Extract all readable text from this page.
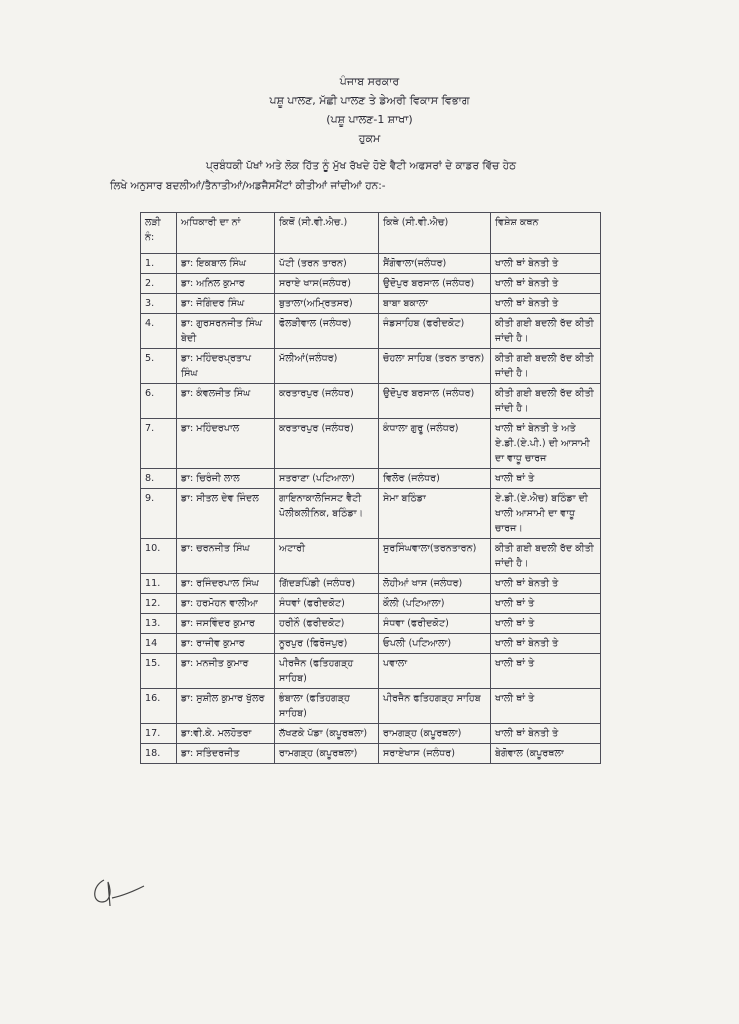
ਪੰਜਾਬ ਸਰਕਾਰ
ਪਸ਼ੂ ਪਾਲਣ, ਮੱਛੀ ਪਾਲਣ ਤੇ ਡੇਅਰੀ ਵਿਕਾਸ ਵਿਭਾਗ
(ਪਸ਼ੂ ਪਾਲਣ-1 ਸ਼ਾਖਾ)
ਹੁਕਮ
ਪ੍ਰਬੰਧਕੀ ਪੱਖਾਂ ਅਤੇ ਲੋਕ ਹਿੱਤ ਨੂੰ ਮੁੱਖ ਰੱਖਦੇ ਹੋਏ ਵੈਟੀ ਅਫਸਰਾਂ ਦੇ ਕਾਡਰ ਵਿੱਚ ਹੇਠ
ਲਿਖੇ ਅਨੁਸਾਰ ਬਦਲੀਆਂ/ਤੈਨਾਤੀਆਂ/ਅਡਜੈਸਮੈਂਟਾਂ ਕੀਤੀਆਂ ਜਾਂਦੀਆਂ ਹਨ:-
ਲੜੀ ਨੰ:	ਅਧਿਕਾਰੀ ਦਾ ਨਾਂ	ਕਿਥੋਂ (ਸੀ.ਵੀ.ਐਚ.)	ਕਿਥੇ (ਸੀ.ਵੀ.ਐਚ)	ਵਿਸ਼ੇਸ਼ ਕਥਨ
1.	ਡਾ: ਇਕਬਾਲ ਸਿੰਘ	ਪੱਟੀ (ਤਰਨ ਤਾਰਨ)	ਸੈਂਗੋਵਾਲਾ(ਜਲੰਧਰ)	ਖਾਲੀ ਥਾਂ ਬੇਨਤੀ ਤੇ
2.	ਡਾ: ਅਨਿਲ ਕੁਮਾਰ	ਸਰਾਏ ਖਾਸ(ਜਲੰਧਰ)	ਉਦੋਪੁਰ ਬਰਸਾਲ (ਜਲੰਧਰ)	ਖਾਲੀ ਥਾਂ ਬੇਨਤੀ ਤੇ
3.	ਡਾ: ਜੋਗਿੰਦਰ ਸਿੰਘ	ਬੁਤਾਲਾ(ਅਮ੍ਰਿਤਸਰ)	ਬਾਬਾ ਬਕਾਲਾ	ਖਾਲੀ ਥਾਂ ਬੇਨਤੀ ਤੇ
4.	ਡਾ: ਗੁਰਸਰਨਜੀਤ ਸਿੰਘ ਬੇਦੀ	ਫੋਲੜੀਵਾਲ (ਜਲੰਧਰ)	ਜੰਡਸਾਹਿਬ (ਫਰੀਦਕੋਟ)	ਕੀਤੀ ਗਈ ਬਦਲੀ ਰੱਦ ਕੀਤੀ ਜਾਂਦੀ ਹੈ।
5.	ਡਾ: ਮਹਿੰਦਰਪ੍ਰਤਾਪ ਸਿੰਘ	ਮੱਲੀਆਂ(ਜਲੰਧਰ)	ਚੋਹਲਾ ਸਾਹਿਬ (ਤਰਨ ਤਾਰਨ)	ਕੀਤੀ ਗਈ ਬਦਲੀ ਰੱਦ ਕੀਤੀ ਜਾਂਦੀ ਹੈ।
6.	ਡਾ: ਕੰਵਲਜੀਤ ਸਿੰਘ	ਕਰਤਾਰਪੁਰ (ਜਲੰਧਰ)	ਉਦੋਪੁਰ ਬਰਸਾਲ (ਜਲੰਧਰ)	ਕੀਤੀ ਗਈ ਬਦਲੀ ਰੱਦ ਕੀਤੀ ਜਾਂਦੀ ਹੈ।
7.	ਡਾ: ਮਹਿੰਦਰਪਾਲ	ਕਰਤਾਰਪੁਰ (ਜਲੰਧਰ)	ਕੰਧਾਲਾ ਗੁਰੂ (ਜਲੰਧਰ)	ਖਾਲੀ ਥਾਂ ਬੇਨਤੀ ਤੇ ਅਤੇ ਏ.ਡੀ.(ਏ.ਪੀ.) ਦੀ ਆਸਾਮੀ ਦਾ ਵਾਧੂ ਚਾਰਜ
8.	ਡਾ: ਚਿਰੰਜੀ ਲਾਲ	ਸਤਰਾਣਾ (ਪਟਿਆਲਾ)	ਵਿਲੋਰ (ਜਲੰਧਰ)	ਖਾਲੀ ਥਾਂ ਤੇ
9.	ਡਾ: ਸੀਤਲ ਦੇਵ ਜਿੰਦਲ	ਗਾਇਨਾਕਾਲੋਜਿਸਟ ਵੈਟੀ ਪੋਲੀਕਲੀਨਿਕ, ਬਠਿੰਡਾ।	ਸੇਮਾ ਬਠਿੰਡਾ	ਏ.ਡੀ.(ਏ.ਐਚ) ਬਠਿੰਡਾ ਦੀ ਖਾਲੀ ਆਸਾਮੀ ਦਾ ਵਾਧੂ ਚਾਰਜ।
10.	ਡਾ: ਚਰਨਜੀਤ ਸਿੰਘ	ਅਟਾਰੀ	ਸੁਰਸਿੰਘਵਾਲਾ(ਤਰਨਤਾਰਨ)	ਕੀਤੀ ਗਈ ਬਦਲੀ ਰੱਦ ਕੀਤੀ ਜਾਂਦੀ ਹੈ।
11.	ਡਾ: ਰਜਿੰਦਰਪਾਲ ਸਿੰਘ	ਗਿੱਦੜਪਿੰਡੀ (ਜਲੰਧਰ)	ਲੋਹੀਆਂ ਖਾਸ (ਜਲੰਧਰ)	ਖਾਲੀ ਥਾਂ ਬੇਨਤੀ ਤੇ
12.	ਡਾ: ਹਰਮੋਹਨ ਵਾਲੀਆ	ਸੰਧਵਾਂ (ਫਰੀਦਕੋਟ)	ਕੌਲੀ (ਪਟਿਆਲਾ)	ਖਾਲੀ ਥਾਂ ਤੇ
13.	ਡਾ: ਜਸਵਿੰਦਰ ਕੁਮਾਰ	ਹਰੀਨੌ (ਫਰੀਦਕੋਟ)	ਸੰਧਵਾ (ਫਰੀਦਕੋਟ)	ਖਾਲੀ ਥਾਂ ਤੇ
14	ਡਾ: ਰਾਜੀਵ ਕੁਮਾਰ	ਨੂਰਪੁਰ (ਫਿਰੋਜਪੁਰ)	ਓਪਲੀ (ਪਟਿਆਲਾ)	ਖਾਲੀ ਥਾਂ ਬੇਨਤੀ ਤੇ
15.	ਡਾ: ਮਨਜੀਤ ਕੁਮਾਰ	ਪੀਰਜੈਨ (ਫਤਿਹਗੜ੍ਹ ਸਾਹਿਬ)	ਪਵਾਲਾ	ਖਾਲੀ ਥਾਂ ਤੇ
16.	ਡਾ: ਸੁਸ਼ੀਲ ਕੁਮਾਰ ਖੁੱਲਰ	ਭੰਬਾਲਾ (ਫਤਿਹਗੜ੍ਹ ਸਾਹਿਬ)	ਪੀਰਜੈਨ ਫਤਿਹਗੜ੍ਹ ਸਾਹਿਬ	ਖਾਲੀ ਥਾਂ ਤੇ
17.	ਡਾ:ਵੀ.ਕੇ. ਮਲਹੋਤਰਾ	ਲੱਖਣਕੇ ਪੱਡਾ (ਕਪੂਰਥਲਾ)	ਰਾਮਗੜ੍ਹ (ਕਪੂਰਥਲਾ)	ਖਾਲੀ ਥਾਂ ਬੇਨਤੀ ਤੇ
18.	ਡਾ: ਸਤਿੰਦਰਜੀਤ	ਰਾਮਗੜ੍ਹ (ਕਪੂਰਥਲਾ)	ਸਰਾਏਖਾਸ (ਜਲੰਧਰ)	ਬੇਗੋਵਾਲ (ਕਪੂਰਥਲਾ
